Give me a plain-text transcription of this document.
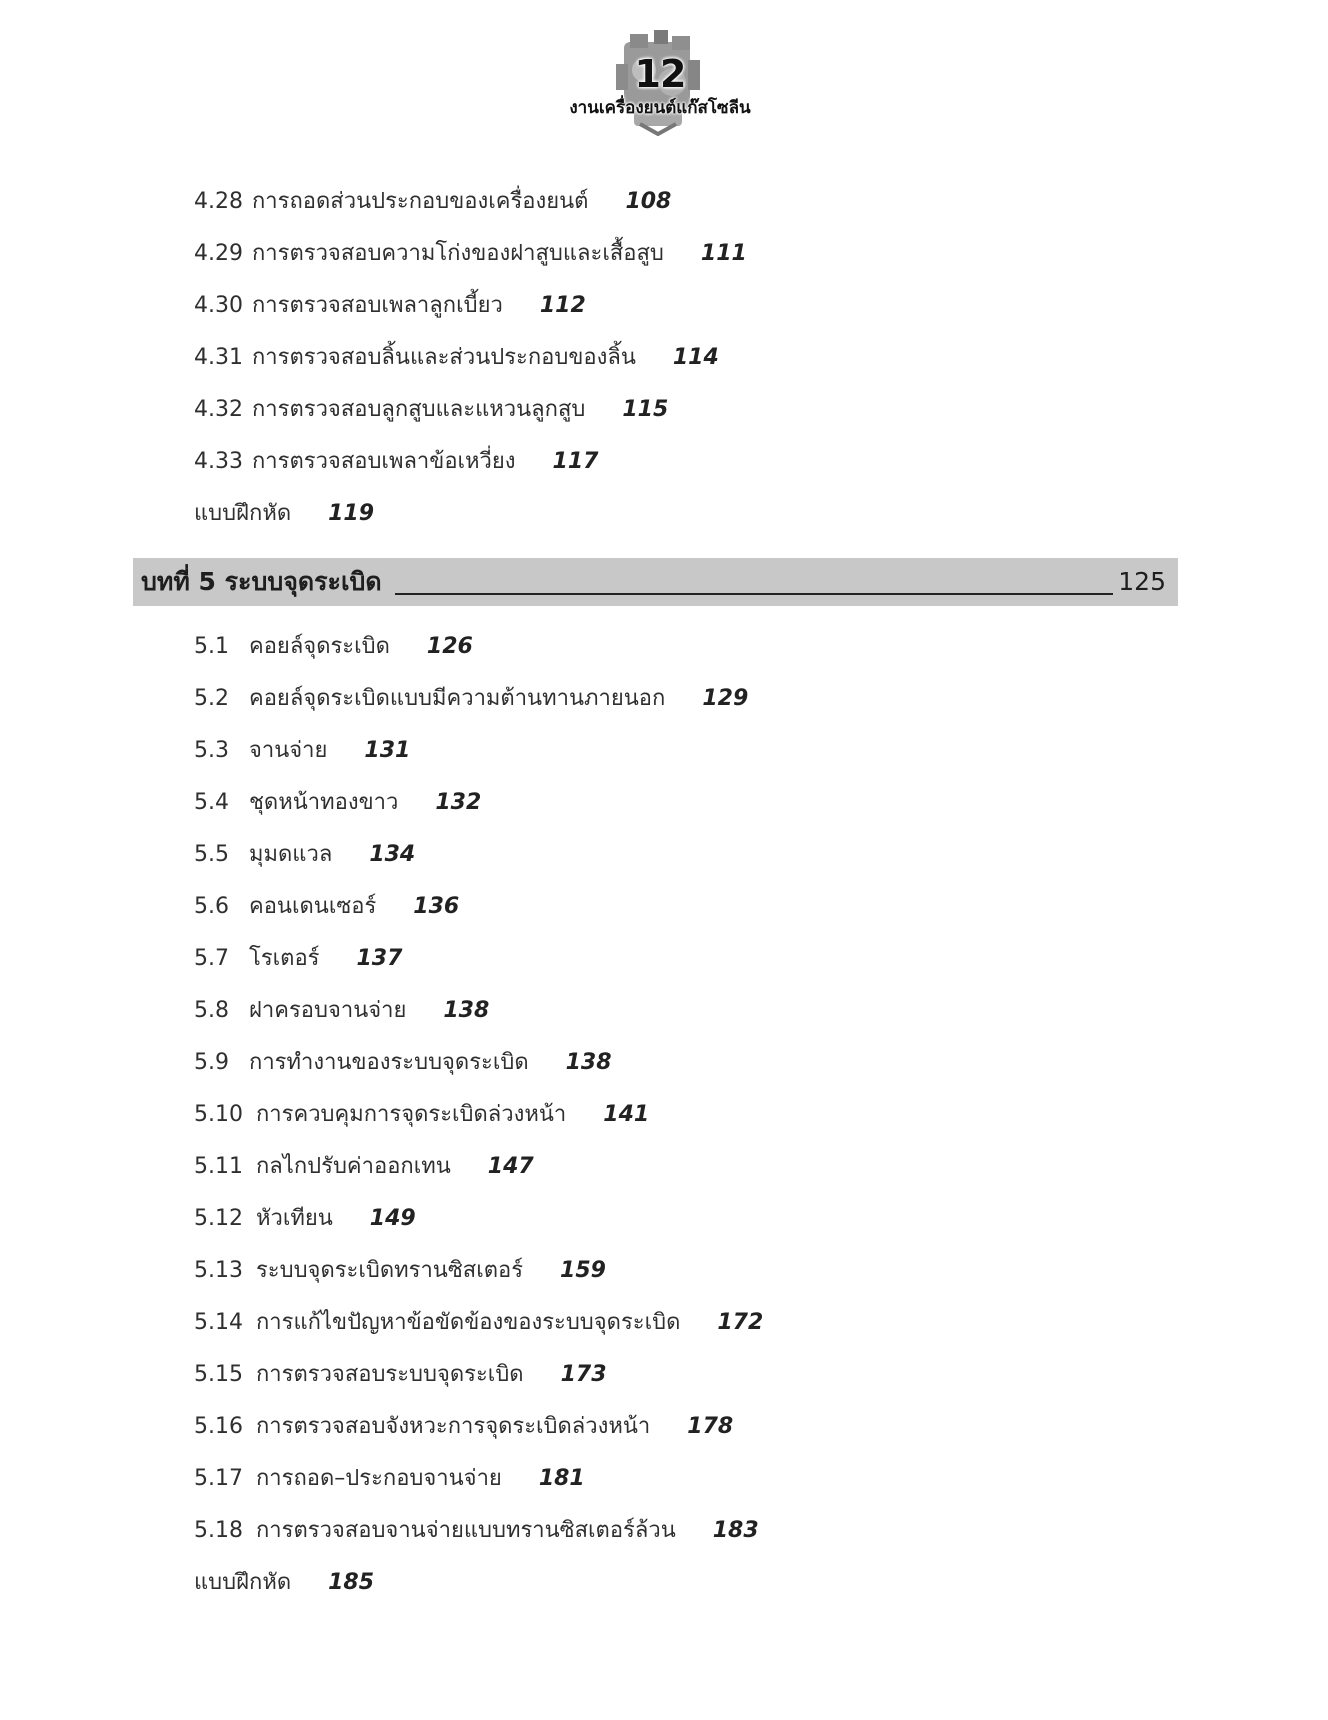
12
งานเครื่องยนต์แก๊สโซลีน
4.28 การถอดส่วนประกอบของเครื่องยนต์ 108
4.29 การตรวจสอบความโก่งของฝาสูบและเสื้อสูบ 111
4.30 การตรวจสอบเพลาลูกเบี้ยว 112
4.31 การตรวจสอบลิ้นและส่วนประกอบของลิ้น 114
4.32 การตรวจสอบลูกสูบและแหวนลูกสูบ 115
4.33 การตรวจสอบเพลาข้อเหวี่ยง 117
แบบฝึกหัด 119
บทที่ 5 ระบบจุดระเบิด	125
5.1 คอยล์จุดระเบิด 126
5.2 คอยล์จุดระเบิดแบบมีความต้านทานภายนอก 129
5.3 จานจ่าย 131
5.4 ชุดหน้าทองขาว 132
5.5 มุมดแวล 134
5.6 คอนเดนเซอร์ 136
5.7 โรเตอร์ 137
5.8 ฝาครอบจานจ่าย 138
5.9 การทำงานของระบบจุดระเบิด 138
5.10 การควบคุมการจุดระเบิดล่วงหน้า 141
5.11 กลไกปรับค่าออกเทน 147
5.12 หัวเทียน 149
5.13 ระบบจุดระเบิดทรานซิสเตอร์ 159
5.14 การแก้ไขปัญหาข้อขัดข้องของระบบจุดระเบิด 172
5.15 การตรวจสอบระบบจุดระเบิด 173
5.16 การตรวจสอบจังหวะการจุดระเบิดล่วงหน้า 178
5.17 การถอด–ประกอบจานจ่าย 181
5.18 การตรวจสอบจานจ่ายแบบทรานซิสเตอร์ล้วน 183
แบบฝึกหัด 185
